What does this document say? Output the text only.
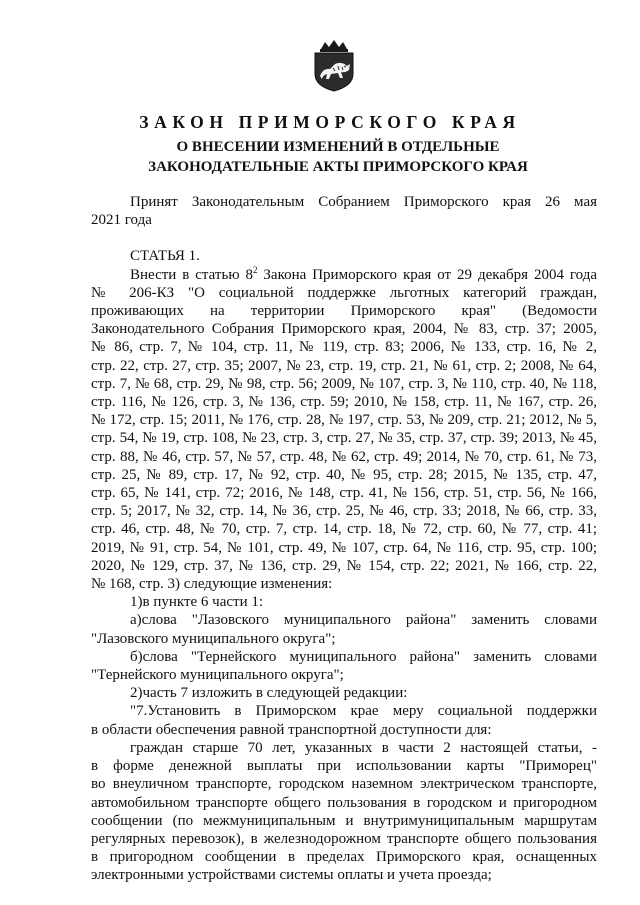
ЗАКОН ПРИМОРСКОГО КРАЯ
О ВНЕСЕНИИ ИЗМЕНЕНИЙ В ОТДЕЛЬНЫЕ
ЗАКОНОДАТЕЛЬНЫЕ АКТЫ ПРИМОРСКОГО КРАЯ
Принят Законодательным Собранием Приморского края 26 мая
2021 года
СТАТЬЯ 1.
Внести в статью $8^2$ Закона Приморского края от 29 декабря 2004 года
№ 206-КЗ "О социальной поддержке льготных категорий граждан,
проживающих на территории Приморского края" (Ведомости
Законодательного Собрания Приморского края, 2004, № 83, стр. 37; 2005,
№ 86, стр. 7, № 104, стр. 11, № 119, стр. 83; 2006, № 133, стр. 16, № 2,
стр. 22, стр. 27, стр. 35; 2007, № 23, стр. 19, стр. 21, № 61, стр. 2; 2008, № 64,
стр. 7, № 68, стр. 29, № 98, стр. 56; 2009, № 107, стр. 3, № 110, стр. 40, № 118,
стр. 116, № 126, стр. 3, № 136, стр. 59; 2010, № 158, стр. 11, № 167, стр. 26,
№ 172, стр. 15; 2011, № 176, стр. 28, № 197, стр. 53, № 209, стр. 21; 2012, № 5,
стр. 54, № 19, стр. 108, № 23, стр. 3, стр. 27, № 35, стр. 37, стр. 39; 2013, № 45,
стр. 88, № 46, стр. 57, № 57, стр. 48, № 62, стр. 49; 2014, № 70, стр. 61, № 73,
стр. 25, № 89, стр. 17, № 92, стр. 40, № 95, стр. 28; 2015, № 135, стр. 47,
стр. 65, № 141, стр. 72; 2016, № 148, стр. 41, № 156, стр. 51, стр. 56, № 166,
стр. 5; 2017, № 32, стр. 14, № 36, стр. 25, № 46, стр. 33; 2018, № 66, стр. 33,
стр. 46, стр. 48, № 70, стр. 7, стр. 14, стр. 18, № 72, стр. 60, № 77, стр. 41;
2019, № 91, стр. 54, № 101, стр. 49, № 107, стр. 64, № 116, стр. 95, стр. 100;
2020, № 129, стр. 37, № 136, стр. 29, № 154, стр. 22; 2021, № 166, стр. 22,
№ 168, стр. 3) следующие изменения:
1)в пункте 6 части 1:
а)слова "Лазовского муниципального района" заменить словами
"Лазовского муниципального округа";
б)слова "Тернейского муниципального района" заменить словами
"Тернейского муниципального округа";
2)часть 7 изложить в следующей редакции:
"7.Установить в Приморском крае меру социальной поддержки
в области обеспечения равной транспортной доступности для:
граждан старше 70 лет, указанных в части 2 настоящей статьи, -
в форме денежной выплаты при использовании карты "Приморец"
во внеуличном транспорте, городском наземном электрическом транспорте,
автомобильном транспорте общего пользования в городском и пригородном
сообщении (по межмуниципальным и внутримуниципальным маршрутам
регулярных перевозок), в железнодорожном транспорте общего пользования
в пригородном сообщении в пределах Приморского края, оснащенных
электронными устройствами системы оплаты и учета проезда;
